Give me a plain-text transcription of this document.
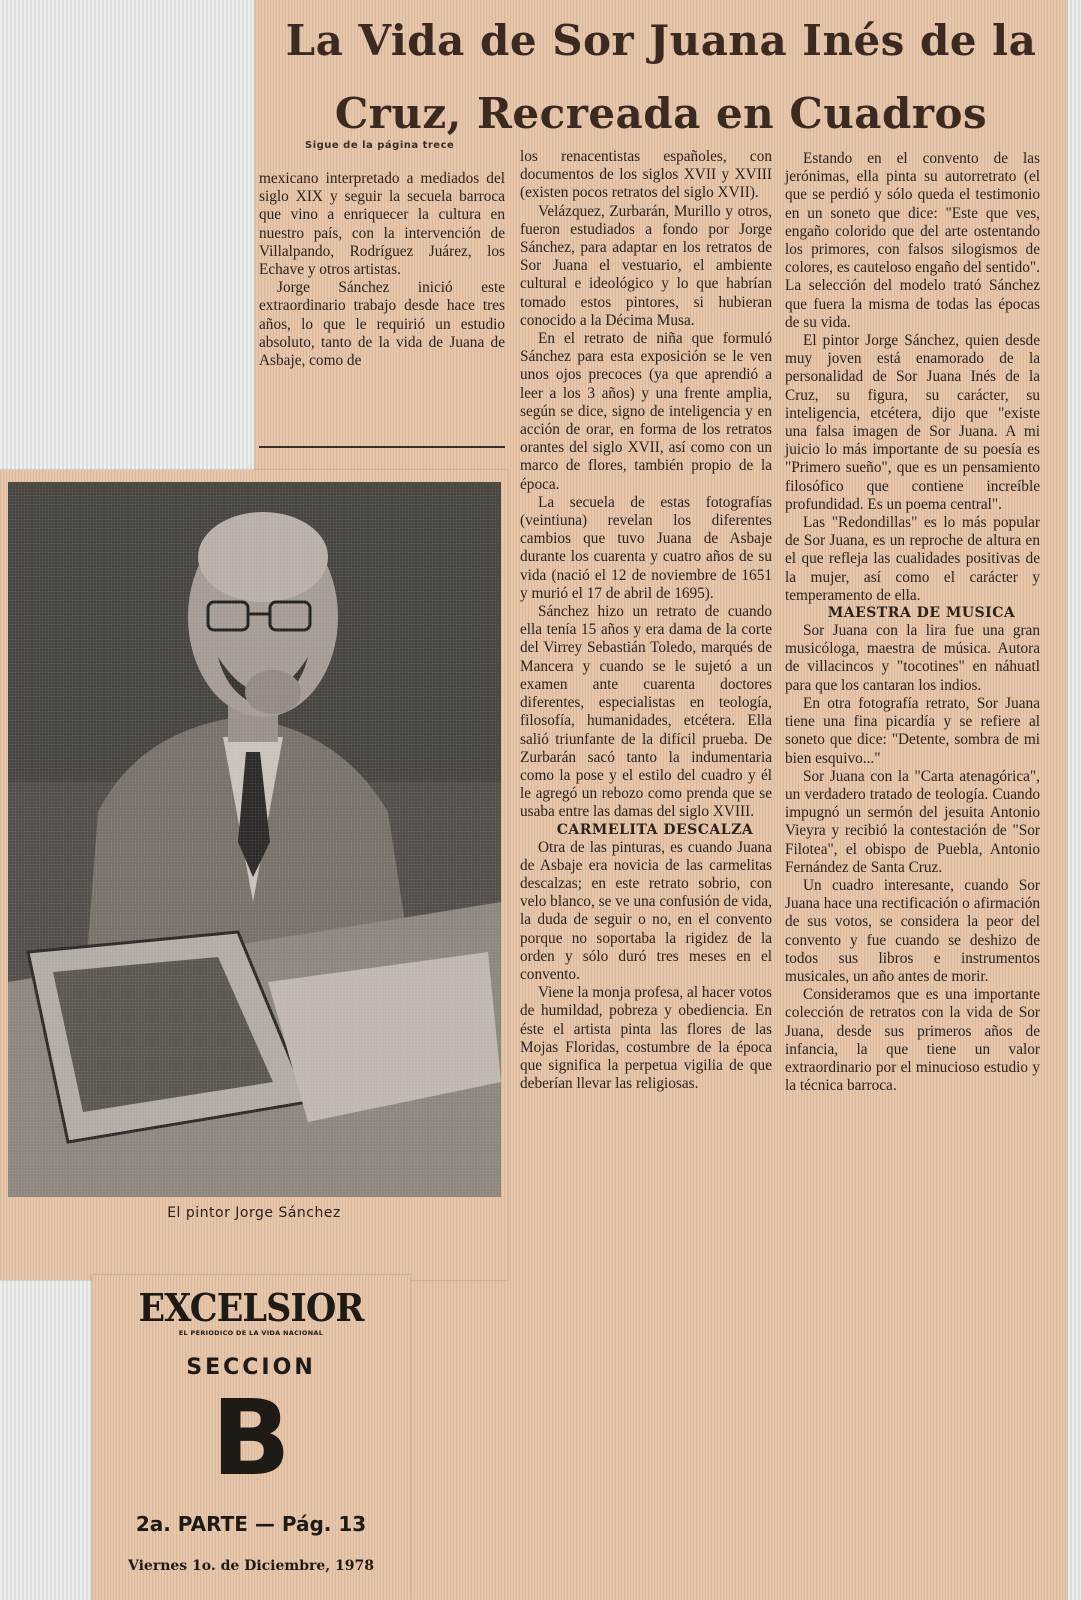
La Vida de Sor Juana Inés de la Cruz, Recreada en Cuadros
Sigue de la página trece

mexicano interpretado a mediados del siglo XIX y seguir la secuela barroca que vino a enriquecer la cultura en nuestro país, con la intervención de Villalpando, Rodríguez Juárez, los Echave y otros artistas.

Jorge Sánchez inició este extraordinario trabajo desde hace tres años, lo que le requirió un estudio absoluto, tanto de la vida de Juana de Asbaje, como de

los renacentistas españoles, con documentos de los siglos XVII y XVIII (existen pocos retratos del siglo XVII).

Velázquez, Zurbarán, Murillo y otros, fueron estudiados a fondo por Jorge Sánchez, para adaptar en los retratos de Sor Juana el vestuario, el ambiente cultural e ideológico y lo que habrían tomado estos pintores, si hubieran conocido a la Décima Musa.

En el retrato de niña que formuló Sánchez para esta exposición se le ven unos ojos precoces (ya que aprendió a leer a los 3 años) y una frente amplia, según se dice, signo de inteligencia y en acción de orar, en forma de los retratos orantes del siglo XVII, así como con un marco de flores, también propio de la época.

La secuela de estas fotografías (veintiuna) revelan los diferentes cambios que tuvo Juana de Asbaje durante los cuarenta y cuatro años de su vida (nació el 12 de noviembre de 1651 y murió el 17 de abril de 1695).

Sánchez hizo un retrato de cuando ella tenía 15 años y era dama de la corte del Virrey Sebastián Toledo, marqués de Mancera y cuando se le sujetó a un examen ante cuarenta doctores diferentes, especialistas en teología, filosofía, humanidades, etcétera. Ella salió triunfante de la difícil prueba. De Zurbarán sacó tanto la indumentaria como la pose y el estilo del cuadro y él le agregó un rebozo como prenda que se usaba entre las damas del siglo XVIII.

CARMELITA DESCALZA

Otra de las pinturas, es cuando Juana de Asbaje era novicia de las carmelitas descalzas; en este retrato sobrio, con velo blanco, se ve una confusión de vida, la duda de seguir o no, en el convento porque no soportaba la rigidez de la orden y sólo duró tres meses en el convento.

Viene la monja profesa, al hacer votos de humildad, pobreza y obediencia. En éste el artista pinta las flores de las Mojas Floridas, costumbre de la época que significa la perpetua vigilia de que deberían llevar las religiosas.

Estando en el convento de las jerónimas, ella pinta su autorretrato (el que se perdió y sólo queda el testimonio en un soneto que dice: "Este que ves, engaño colorido que del arte ostentando los primores, con falsos silogismos de colores, es cauteloso engaño del sentido". La selección del modelo trató Sánchez que fuera la misma de todas las épocas de su vida.

El pintor Jorge Sánchez, quien desde muy joven está enamorado de la personalidad de Sor Juana Inés de la Cruz, su figura, su carácter, su inteligencia, etcétera, dijo que "existe una falsa imagen de Sor Juana. A mi juicio lo más importante de su poesía es "Primero sueño", que es un pensamiento filosófico que contiene increíble profundidad. Es un poema central".

Las "Redondillas" es lo más popular de Sor Juana, es un reproche de altura en el que refleja las cualidades positivas de la mujer, así como el carácter y temperamento de ella.

MAESTRA DE MUSICA

Sor Juana con la lira fue una gran musicóloga, maestra de música. Autora de villacincos y "tocotines" en náhuatl para que los cantaran los indios.

En otra fotografía retrato, Sor Juana tiene una fina picardía y se refiere al soneto que dice: "Detente, sombra de mi bien esquivo..."

Sor Juana con la "Carta atenagórica", un verdadero tratado de teología. Cuando impugnó un sermón del jesuita Antonio Vieyra y recibió la contestación de "Sor Filotea", el obispo de Puebla, Antonio Fernández de Santa Cruz.

Un cuadro interesante, cuando Sor Juana hace una rectificación o afirmación de sus votos, se considera la peor del convento y fue cuando se deshizo de todos sus libros e instrumentos musicales, un año antes de morir.

Consideramos que es una importante colección de retratos con la vida de Sor Juana, desde sus primeros años de infancia, la que tiene un valor extraordinario por el minucioso estudio y la técnica barroca.

El pintor Jorge Sánchez
EXCELSIOR
EL PERIODICO DE LA VIDA NACIONAL
SECCION
B
2a. PARTE — Pág. 13
Viernes 1o. de Diciembre, 1978
